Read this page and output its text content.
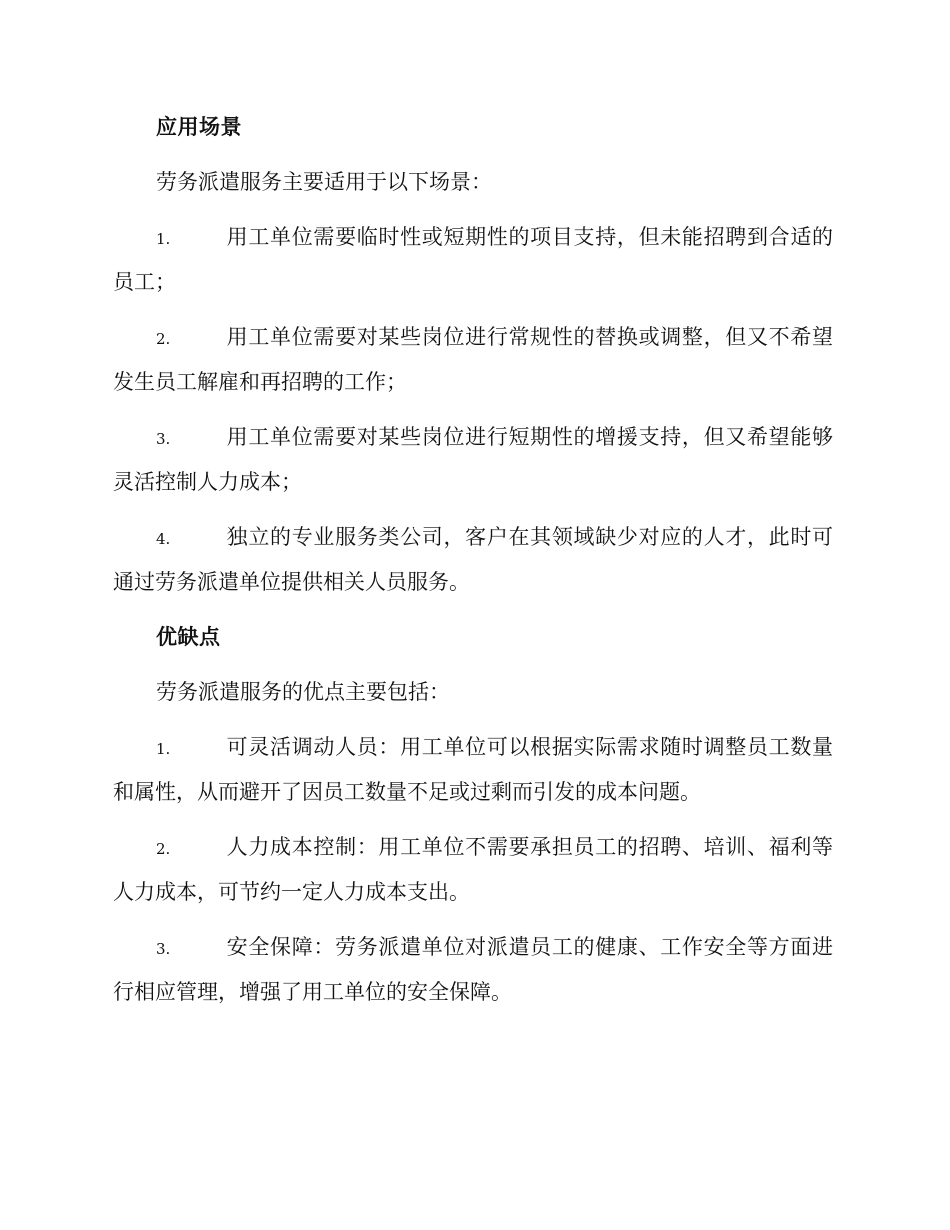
应用场景

劳务派遣服务主要适用于以下场景：

1.	用工单位需要临时性或短期性的项目支持，但未能招聘到合适的员工；

2.	用工单位需要对某些岗位进行常规性的替换或调整，但又不希望发生员工解雇和再招聘的工作；

3.	用工单位需要对某些岗位进行短期性的增援支持，但又希望能够灵活控制人力成本；

4.	独立的专业服务类公司，客户在其领域缺少对应的人才，此时可通过劳务派遣单位提供相关人员服务。

优缺点

劳务派遣服务的优点主要包括：

1.	可灵活调动人员：用工单位可以根据实际需求随时调整员工数量和属性，从而避开了因员工数量不足或过剩而引发的成本问题。

2.	人力成本控制：用工单位不需要承担员工的招聘、培训、福利等人力成本，可节约一定人力成本支出。

3.	安全保障：劳务派遣单位对派遣员工的健康、工作安全等方面进行相应管理，增强了用工单位的安全保障。
